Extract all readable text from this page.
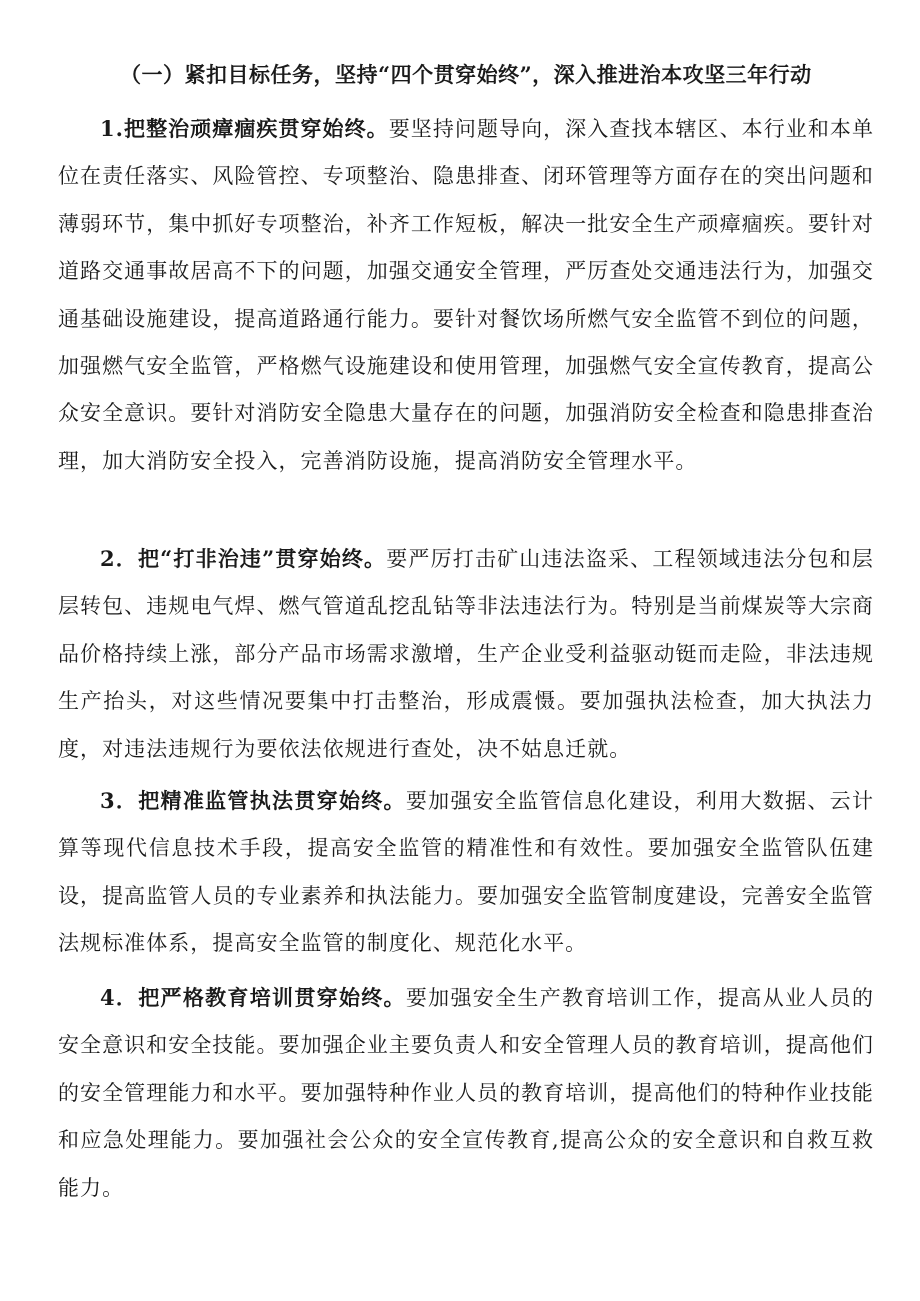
（一）紧扣目标任务，坚持“四个贯穿始终”，深入推进治本攻坚三年行动

1.把整治顽瘴痼疾贯穿始终。要坚持问题导向，深入查找本辖区、本行业和本单位在责任落实、风险管控、专项整治、隐患排查、闭环管理等方面存在的突出问题和薄弱环节，集中抓好专项整治，补齐工作短板，解决一批安全生产顽瘴痼疾。要针对道路交通事故居高不下的问题，加强交通安全管理，严厉查处交通违法行为，加强交通基础设施建设，提高道路通行能力。要针对餐饮场所燃气安全监管不到位的问题，加强燃气安全监管，严格燃气设施建设和使用管理，加强燃气安全宣传教育，提高公众安全意识。要针对消防安全隐患大量存在的问题，加强消防安全检查和隐患排查治理，加大消防安全投入，完善消防设施，提高消防安全管理水平。

2．把“打非治违”贯穿始终。要严厉打击矿山违法盗采、工程领域违法分包和层层转包、违规电气焊、燃气管道乱挖乱钻等非法违法行为。特别是当前煤炭等大宗商品价格持续上涨，部分产品市场需求激增，生产企业受利益驱动铤而走险，非法违规生产抬头，对这些情况要集中打击整治，形成震慑。要加强执法检查，加大执法力度，对违法违规行为要依法依规进行查处，决不姑息迁就。

3．把精准监管执法贯穿始终。要加强安全监管信息化建设，利用大数据、云计算等现代信息技术手段，提高安全监管的精准性和有效性。要加强安全监管队伍建设，提高监管人员的专业素养和执法能力。要加强安全监管制度建设，完善安全监管法规标准体系，提高安全监管的制度化、规范化水平。

4．把严格教育培训贯穿始终。要加强安全生产教育培训工作，提高从业人员的安全意识和安全技能。要加强企业主要负责人和安全管理人员的教育培训，提高他们的安全管理能力和水平。要加强特种作业人员的教育培训，提高他们的特种作业技能和应急处理能力。要加强社会公众的安全宣传教育,提高公众的安全意识和自救互救能力。
